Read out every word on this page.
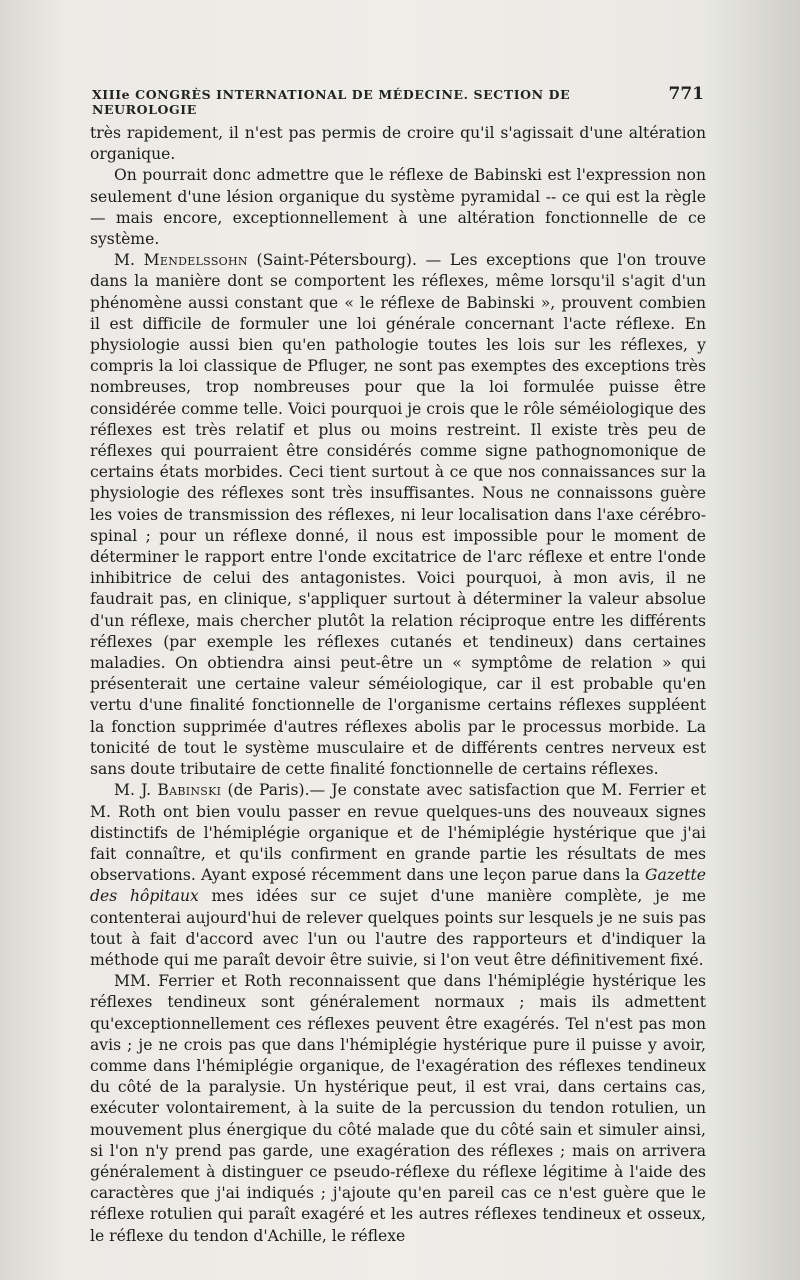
XIIIe CONGRÈS INTERNATIONAL DE MÉDECINE. SECTION DE NEUROLOGIE
771

très rapidement, il n'est pas permis de croire qu'il s'agissait d'une altération organique.

On pourrait donc admettre que le réflexe de Babinski est l'expression non seulement d'une lésion organique du système pyramidal -- ce qui est la règle — mais encore, exceptionnellement à une altération fonctionnelle de ce système.

M. Mendelssohn (Saint-Pétersbourg). — Les exceptions que l'on trouve dans la manière dont se comportent les réflexes, même lorsqu'il s'agit d'un phénomène aussi constant que « le réflexe de Babinski », prouvent combien il est difficile de formuler une loi générale concernant l'acte réflexe. En physiologie aussi bien qu'en pathologie toutes les lois sur les réflexes, y compris la loi classique de Pfluger, ne sont pas exemptes des exceptions très nombreuses, trop nombreuses pour que la loi formulée puisse être considérée comme telle. Voici pourquoi je crois que le rôle séméiologique des réflexes est très relatif et plus ou moins restreint. Il existe très peu de réflexes qui pourraient être considérés comme signe pathognomonique de certains états morbides. Ceci tient surtout à ce que nos connaissances sur la physiologie des réflexes sont très insuffisantes. Nous ne connaissons guère les voies de transmission des réflexes, ni leur localisation dans l'axe cérébro-spinal ; pour un réflexe donné, il nous est impossible pour le moment de déterminer le rapport entre l'onde excitatrice de l'arc réflexe et entre l'onde inhibitrice de celui des antagonistes. Voici pourquoi, à mon avis, il ne faudrait pas, en clinique, s'appliquer surtout à déterminer la valeur absolue d'un réflexe, mais chercher plutôt la relation réciproque entre les différents réflexes (par exemple les réflexes cutanés et tendineux) dans certaines maladies. On obtiendra ainsi peut-être un « symptôme de relation » qui présenterait une certaine valeur séméiologique, car il est probable qu'en vertu d'une finalité fonctionnelle de l'organisme certains réflexes suppléent la fonction supprimée d'autres réflexes abolis par le processus morbide. La tonicité de tout le système musculaire et de différents centres nerveux est sans doute tributaire de cette finalité fonctionnelle de certains réflexes.

M. J. Babinski (de Paris).— Je constate avec satisfaction que M. Ferrier et M. Roth ont bien voulu passer en revue quelques-uns des nouveaux signes distinctifs de l'hémiplégie organique et de l'hémiplégie hystérique que j'ai fait connaître, et qu'ils confirment en grande partie les résultats de mes observations. Ayant exposé récemment dans une leçon parue dans la Gazette des hôpitaux mes idées sur ce sujet d'une manière complète, je me contenterai aujourd'hui de relever quelques points sur lesquels je ne suis pas tout à fait d'accord avec l'un ou l'autre des rapporteurs et d'indiquer la méthode qui me paraît devoir être suivie, si l'on veut être définitivement fixé.

MM. Ferrier et Roth reconnaissent que dans l'hémiplégie hystérique les réflexes tendineux sont généralement normaux ; mais ils admettent qu'exceptionnellement ces réflexes peuvent être exagérés. Tel n'est pas mon avis ; je ne crois pas que dans l'hémiplégie hystérique pure il puisse y avoir, comme dans l'hémiplégie organique, de l'exagération des réflexes tendineux du côté de la paralysie. Un hystérique peut, il est vrai, dans certains cas, exécuter volontairement, à la suite de la percussion du tendon rotulien, un mouvement plus énergique du côté malade que du côté sain et simuler ainsi, si l'on n'y prend pas garde, une exagération des réflexes ; mais on arrivera généralement à distinguer ce pseudo-réflexe du réflexe légitime à l'aide des caractères que j'ai indiqués ; j'ajoute qu'en pareil cas ce n'est guère que le réflexe rotulien qui paraît exagéré et les autres réflexes tendineux et osseux, le réflexe du tendon d'Achille, le réflexe
